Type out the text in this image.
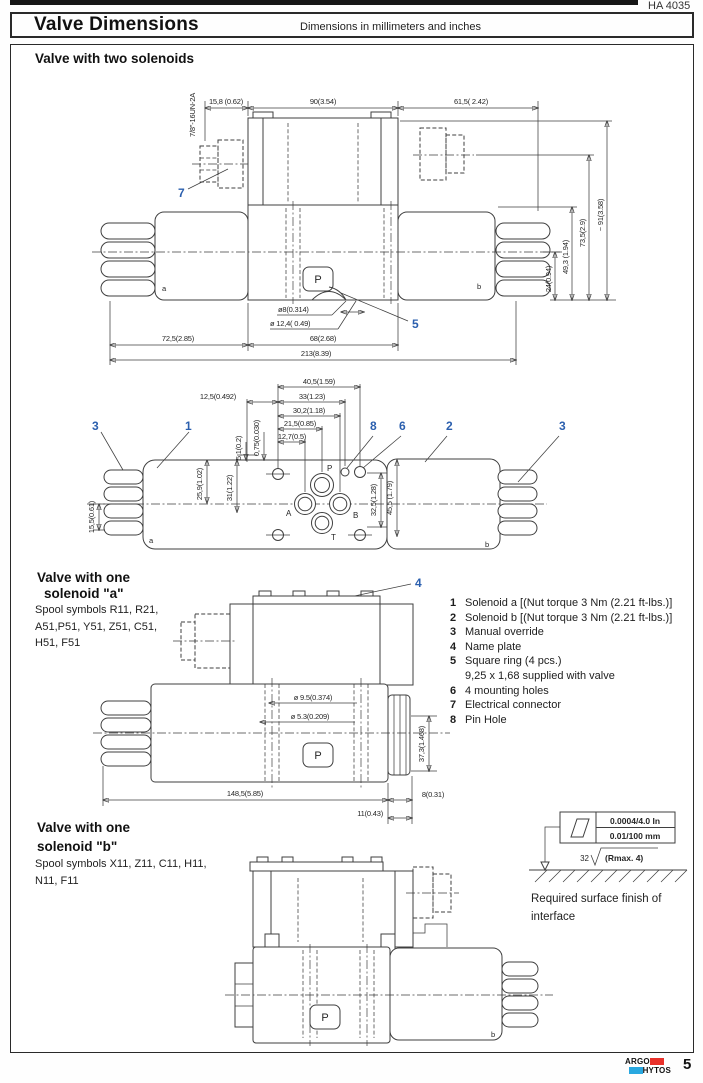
HA 4035
Valve Dimensions	Dimensions in millimeters and inches
Valve with two solenoids
P
a	b
7/8"-16UN-2A 15,8 (0.62)	90(3.54)	61,5( 2.42)
7
5
ø8(0.314)
ø 12,4( 0.49)
72,5(2.85)	68(2.68)
213(8.39)
24(0.94)
49,3 (1.94)
73,5(2.9)
~ 91(3.58)
P
A	B
T
a	b
40,5(1.59)
33(1.23)
12,5(0.492)
30,2(1.18)
21,5(0.85)
12,7(0.5)
5,1(0.2) 0,75(0.030)
15,5(0.61)
25,9(1.02)	31(1.22)	32,5(1.28) 45,5 (1.79)
3	1	8 6	2	3
Valve with one
solenoid "a"
Spool symbols R11, R21,
A51,P51, Y51, Z51, C51,
H51, F51
1 Solenoid a [(Nut torque 3 Nm (2.21 ft-lbs.)]
2 Solenoid b [(Nut torque 3 Nm (2.21 ft-lbs.)]
3 Manual override
4 Name plate
5 Square ring (4 pcs.)
9,25 x 1,68 supplied with valve
6 4 mounting holes
7 Electrical connector
8 Pin Hole
4
ø 9.5(0.374)
ø 5.3(0.209)
P	37,3(1.468)
148,5(5.85)	8(0.31)
11(0.43)
Valve with one
solenoid "b"
Spool symbols X11, Z11, C11, H11,
N11, F11
0.0004/4.0 In
0.01/100 mm
32 (Rmax. 4)
Required surface finish of
interface
P
b
ARGO
HYTOS 5
